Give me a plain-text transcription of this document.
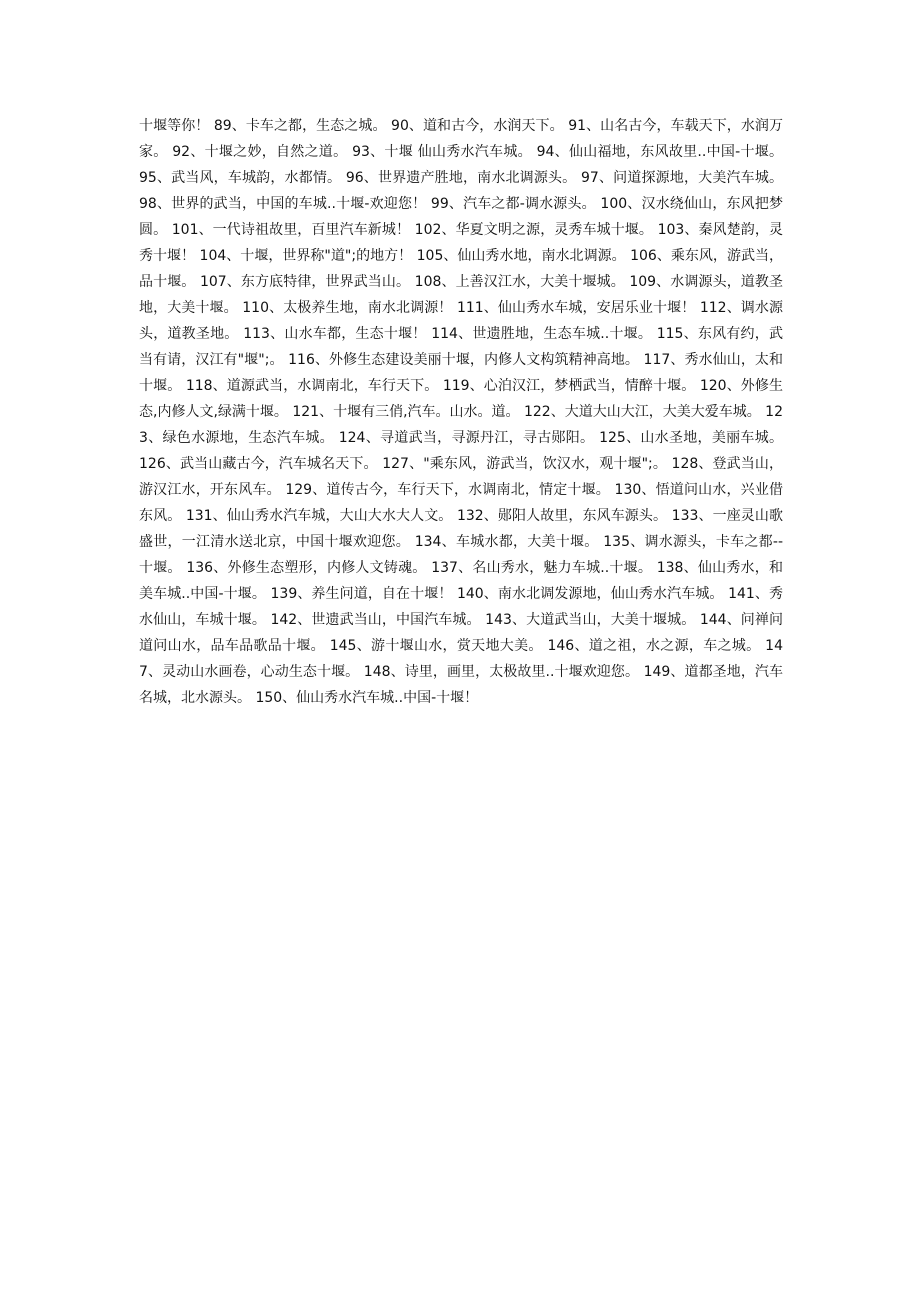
十堰等你！ 89、卡车之都，生态之城。 90、道和古今，水润天下。 91、山名古今，车载天下，水润万家。 92、十堰之妙，自然之道。 93、十堰 仙山秀水汽车城。 94、仙山福地，东风故里..中国-十堰。 95、武当风，车城韵，水都情。 96、世界遗产胜地，南水北调源头。 97、问道探源地，大美汽车城。 98、世界的武当，中国的车城..十堰-欢迎您！ 99、汽车之都-调水源头。 100、汉水绕仙山，东风把梦圆。 101、一代诗祖故里，百里汽车新城！ 102、华夏文明之源，灵秀车城十堰。 103、秦风楚韵，灵秀十堰！ 104、十堰，世界称"道";的地方！ 105、仙山秀水地，南水北调源。 106、乘东风，游武当，品十堰。 107、东方底特律，世界武当山。 108、上善汉江水，大美十堰城。 109、水调源头，道教圣地，大美十堰。 110、太极养生地，南水北调源！ 111、仙山秀水车城，安居乐业十堰！ 112、调水源头，道教圣地。 113、山水车都，生态十堰！ 114、世遗胜地，生态车城..十堰。 115、东风有约，武当有请，汉江有"堰";。 116、外修生态建设美丽十堰，内修人文构筑精神高地。 117、秀水仙山，太和十堰。 118、道源武当，水调南北，车行天下。 119、心泊汉江，梦栖武当，情醉十堰。 120、外修生态,内修人文,绿满十堰。 121、十堰有三俏,汽车。山水。道。 122、大道大山大江，大美大爱车城。 123、绿色水源地，生态汽车城。 124、寻道武当，寻源丹江，寻古郧阳。 125、山水圣地，美丽车城。 126、武当山藏古今，汽车城名天下。 127、"乘东风，游武当，饮汉水，观十堰";。 128、登武当山，游汉江水，开东风车。 129、道传古今，车行天下，水调南北，情定十堰。 130、悟道问山水，兴业借东风。 131、仙山秀水汽车城，大山大水大人文。 132、郧阳人故里，东风车源头。 133、一座灵山歌盛世，一江清水送北京，中国十堰欢迎您。 134、车城水都，大美十堰。 135、调水源头，卡车之都--十堰。 136、外修生态塑形，内修人文铸魂。 137、名山秀水，魅力车城..十堰。 138、仙山秀水，和美车城..中国-十堰。 139、养生问道，自在十堰！ 140、南水北调发源地，仙山秀水汽车城。 141、秀水仙山，车城十堰。 142、世遗武当山，中国汽车城。 143、大道武当山，大美十堰城。 144、问禅问道问山水，品车品歌品十堰。 145、游十堰山水，赏天地大美。 146、道之祖，水之源，车之城。 147、灵动山水画卷，心动生态十堰。 148、诗里，画里，太极故里..十堰欢迎您。 149、道都圣地，汽车名城，北水源头。 150、仙山秀水汽车城..中国-十堰！
